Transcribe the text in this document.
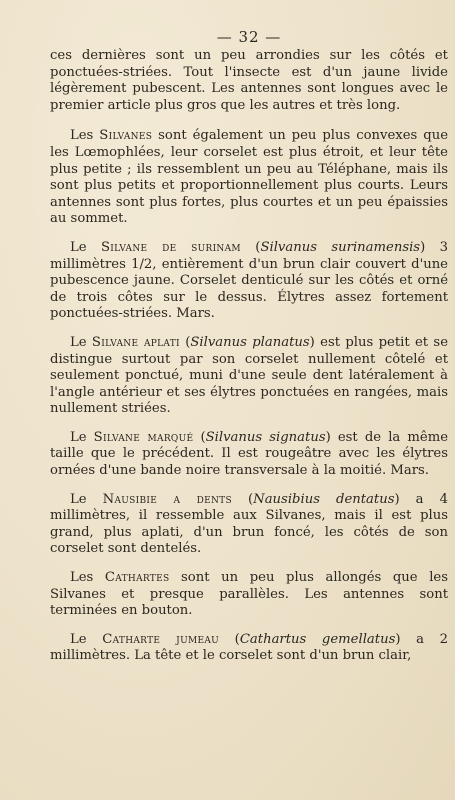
— 32 —

ces dernières sont un peu arrondies sur les côtés et ponctuées-striées. Tout l'insecte est d'un jaune livide légèrement pubescent. Les antennes sont longues avec le premier article plus gros que les autres et très long.

Les Silvanes sont également un peu plus convexes que les Lœmophlées, leur corselet est plus étroit, et leur tête plus petite ; ils ressemblent un peu au Téléphane, mais ils sont plus petits et proportionnellement plus courts. Leurs antennes sont plus fortes, plus courtes et un peu épaissies au sommet.

Le Silvane de surinam (Silvanus surinamensis) 3 millimètres 1/2, entièrement d'un brun clair couvert d'une pubescence jaune. Corselet denticulé sur les côtés et orné de trois côtes sur le dessus. Élytres assez fortement ponctuées-striées. Mars.

Le Silvane aplati (Silvanus planatus) est plus petit et se distingue surtout par son corselet nullement côtelé et seulement ponctué, muni d'une seule dent latéralement à l'angle antérieur et ses élytres ponctuées en rangées, mais nullement striées.

Le Silvane marqué (Silvanus signatus) est de la même taille que le précédent. Il est rougeâtre avec les élytres ornées d'une bande noire transversale à la moitié. Mars.

Le Nausibie a dents (Nausibius dentatus) a 4 millimètres, il ressemble aux Silvanes, mais il est plus grand, plus aplati, d'un brun foncé, les côtés de son corselet sont dentelés.

Les Cathartes sont un peu plus allongés que les Silvanes et presque parallèles. Les antennes sont terminées en bouton.

Le Catharte jumeau (Cathartus gemellatus) a 2 millimètres. La tête et le corselet sont d'un brun clair,
